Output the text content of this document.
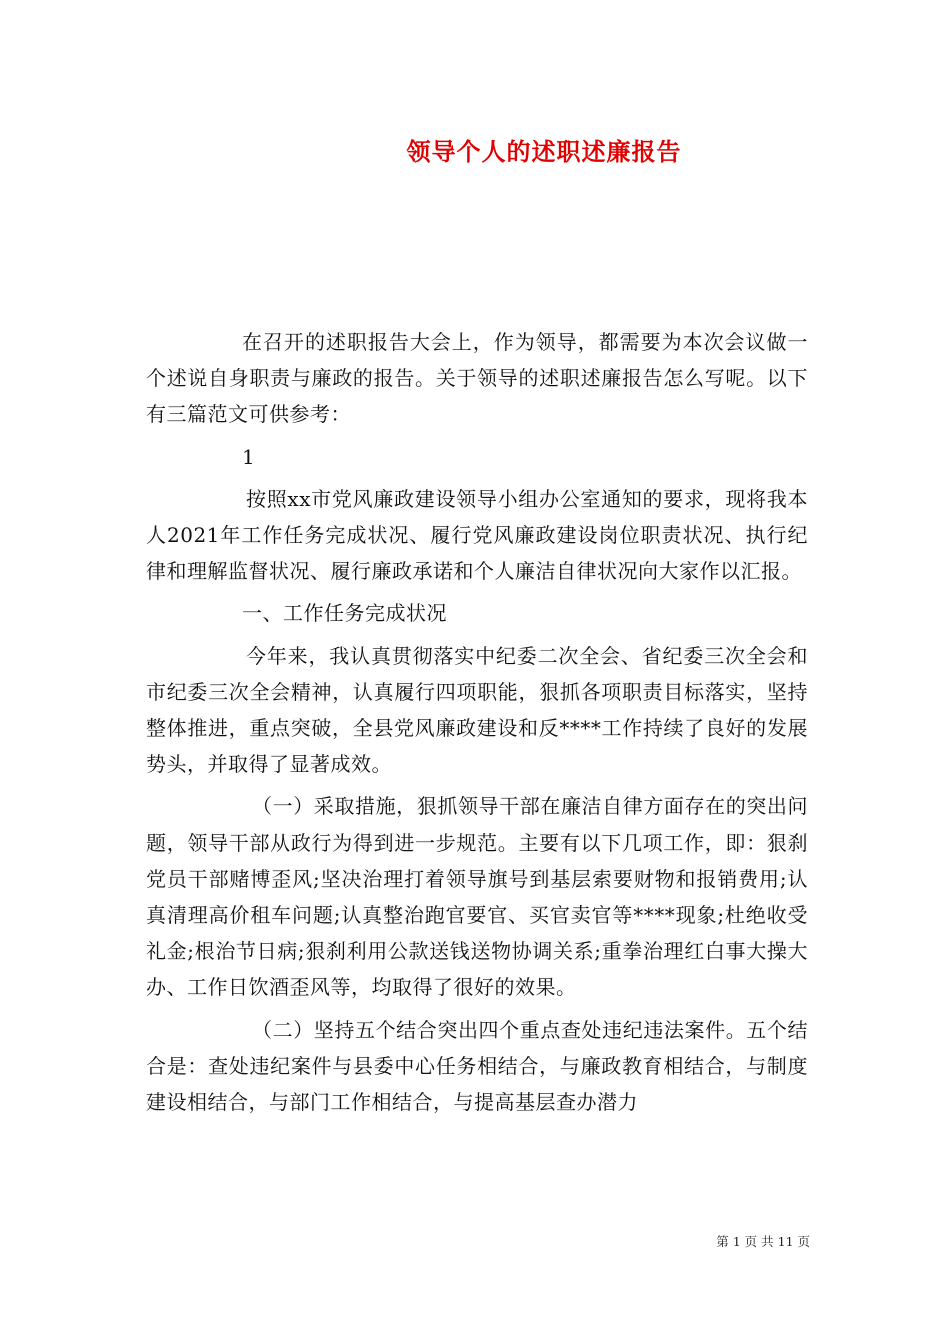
领导个人的述职述廉报告

在召开的述职报告大会上，作为领导，都需要为本次会议做一个述说自身职责与廉政的报告。关于领导的述职述廉报告怎么写呢。以下有三篇范文可供参考：

1

按照xx市党风廉政建设领导小组办公室通知的要求，现将我本人2021年工作任务完成状况、履行党风廉政建设岗位职责状况、执行纪律和理解监督状况、履行廉政承诺和个人廉洁自律状况向大家作以汇报。

一、工作任务完成状况

今年来，我认真贯彻落实中纪委二次全会、省纪委三次全会和市纪委三次全会精神，认真履行四项职能，狠抓各项职责目标落实，坚持整体推进，重点突破，全县党风廉政建设和反****工作持续了良好的发展势头，并取得了显著成效。

（一）采取措施，狠抓领导干部在廉洁自律方面存在的突出问题，领导干部从政行为得到进一步规范。主要有以下几项工作，即：狠刹党员干部赌博歪风;坚决治理打着领导旗号到基层索要财物和报销费用;认真清理高价租车问题;认真整治跑官要官、买官卖官等****现象;杜绝收受礼金;根治节日病;狠刹利用公款送钱送物协调关系;重拳治理红白事大操大办、工作日饮酒歪风等，均取得了很好的效果。

（二）坚持五个结合突出四个重点查处违纪违法案件。五个结合是：查处违纪案件与县委中心任务相结合，与廉政教育相结合，与制度建设相结合，与部门工作相结合，与提高基层查办潜力

第 1 页 共 11 页
